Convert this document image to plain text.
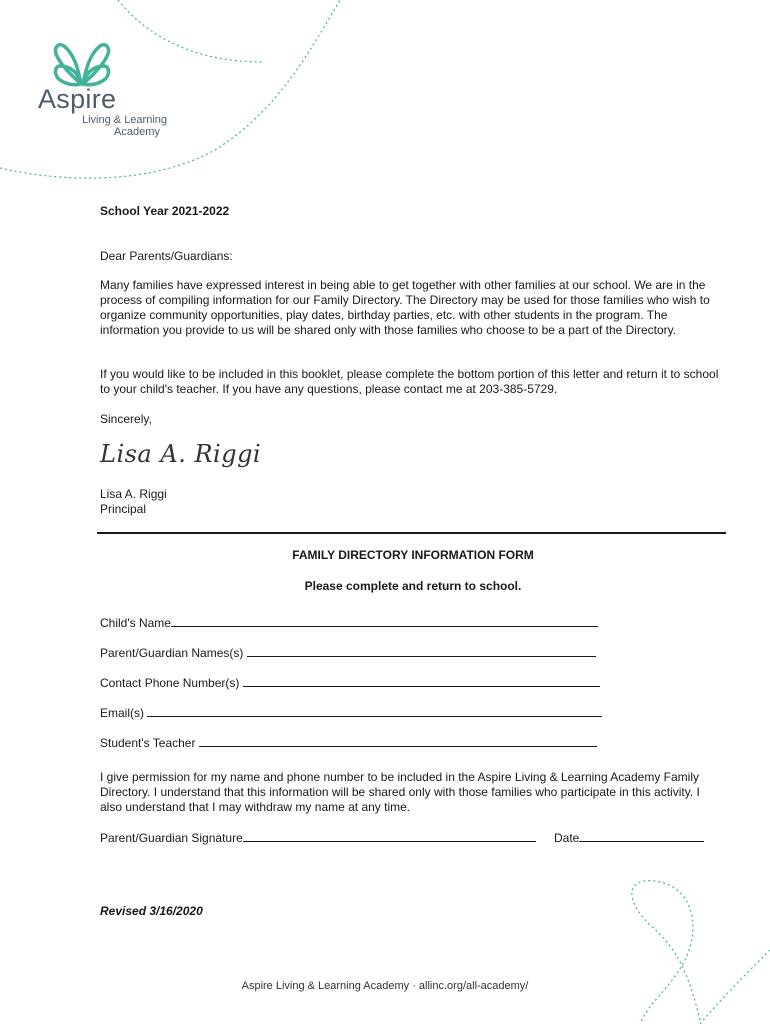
Aspire
Living & Learning
Academy

School Year 2021-2022

Dear Parents/Guardians:

Many families have expressed interest in being able to get together with other families at our school. We are in the process of compiling information for our Family Directory. The Directory may be used for those families who wish to organize community opportunities, play dates, birthday parties, etc. with other students in the program. The information you provide to us will be shared only with those families who choose to be a part of the Directory.

If you would like to be included in this booklet, please complete the bottom portion of this letter and return it to school to your child's teacher. If you have any questions, please contact me at 203-385-5729.

Sincerely,

Lisa A. Riggi

Lisa A. Riggi

Principal

FAMILY DIRECTORY INFORMATION FORM

Please complete and return to school.

Child's Name
Parent/Guardian Names(s)
Contact Phone Number(s)
Email(s)
Student's Teacher

I give permission for my name and phone number to be included in the Aspire Living & Learning Academy Family Directory. I understand that this information will be shared only with those families who participate in this activity. I also understand that I may withdraw my name at any time.

Parent/Guardian Signature	Date

Revised 3/16/2020

Aspire Living & Learning Academy · allinc.org/all-academy/
